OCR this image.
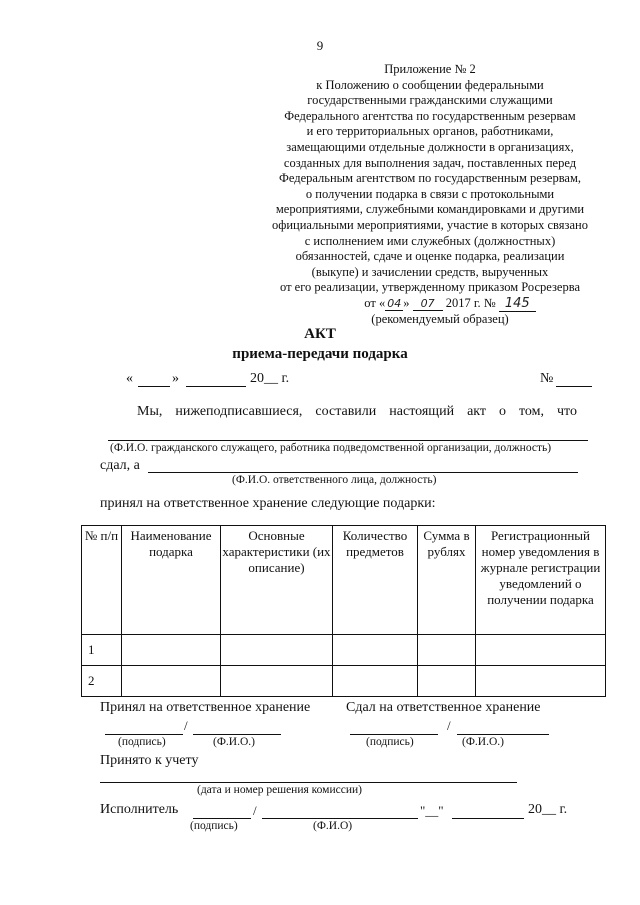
9
Приложение № 2
к Положению о сообщении федеральными
государственными гражданскими служащими
Федерального агентства по государственным резервам
и его территориальных органов, работниками,
замещающими отдельные должности в организациях,
созданных для выполнения задач, поставленных перед
Федеральным агентством по государственным резервам,
о получении подарка в связи с протокольными
мероприятиями, служебными командировками и другими
официальными мероприятиями, участие в которых связано
с исполнением ими служебных (должностных)
обязанностей, сдаче и оценке подарка, реализации
(выкупе) и зачислении средств, вырученных
от его реализации, утвержденному приказом Росрезерва
от « 04 » 07 2017 г. № 145
(рекомендуемый образец)
АКТ
приема-передачи подарка
«	»	20__ г.	№
Мы, нижеподписавшиеся, составили настоящий акт о том, что
(Ф.И.О. гражданского служащего, работника подведомственной организации, должность)
сдал, а
(Ф.И.О. ответственного лица, должность)
принял на ответственное хранение следующие подарки:
№ п/п	Наименование подарка	Основные характеристики (их описание)	Количество предметов	Сумма в рублях	Регистрационный номер уведомления в журнале регистрации уведомлений о получении подарка
1					
2					
Принял на ответственное хранение	Сдал на ответственное хранение
/	/
(подпись)	(Ф.И.О.)	(подпись)	(Ф.И.О.)
Принято к учету
(дата и номер решения комиссии)
Исполнитель	/	"__"	20__ г.
(подпись)	(Ф.И.О)
